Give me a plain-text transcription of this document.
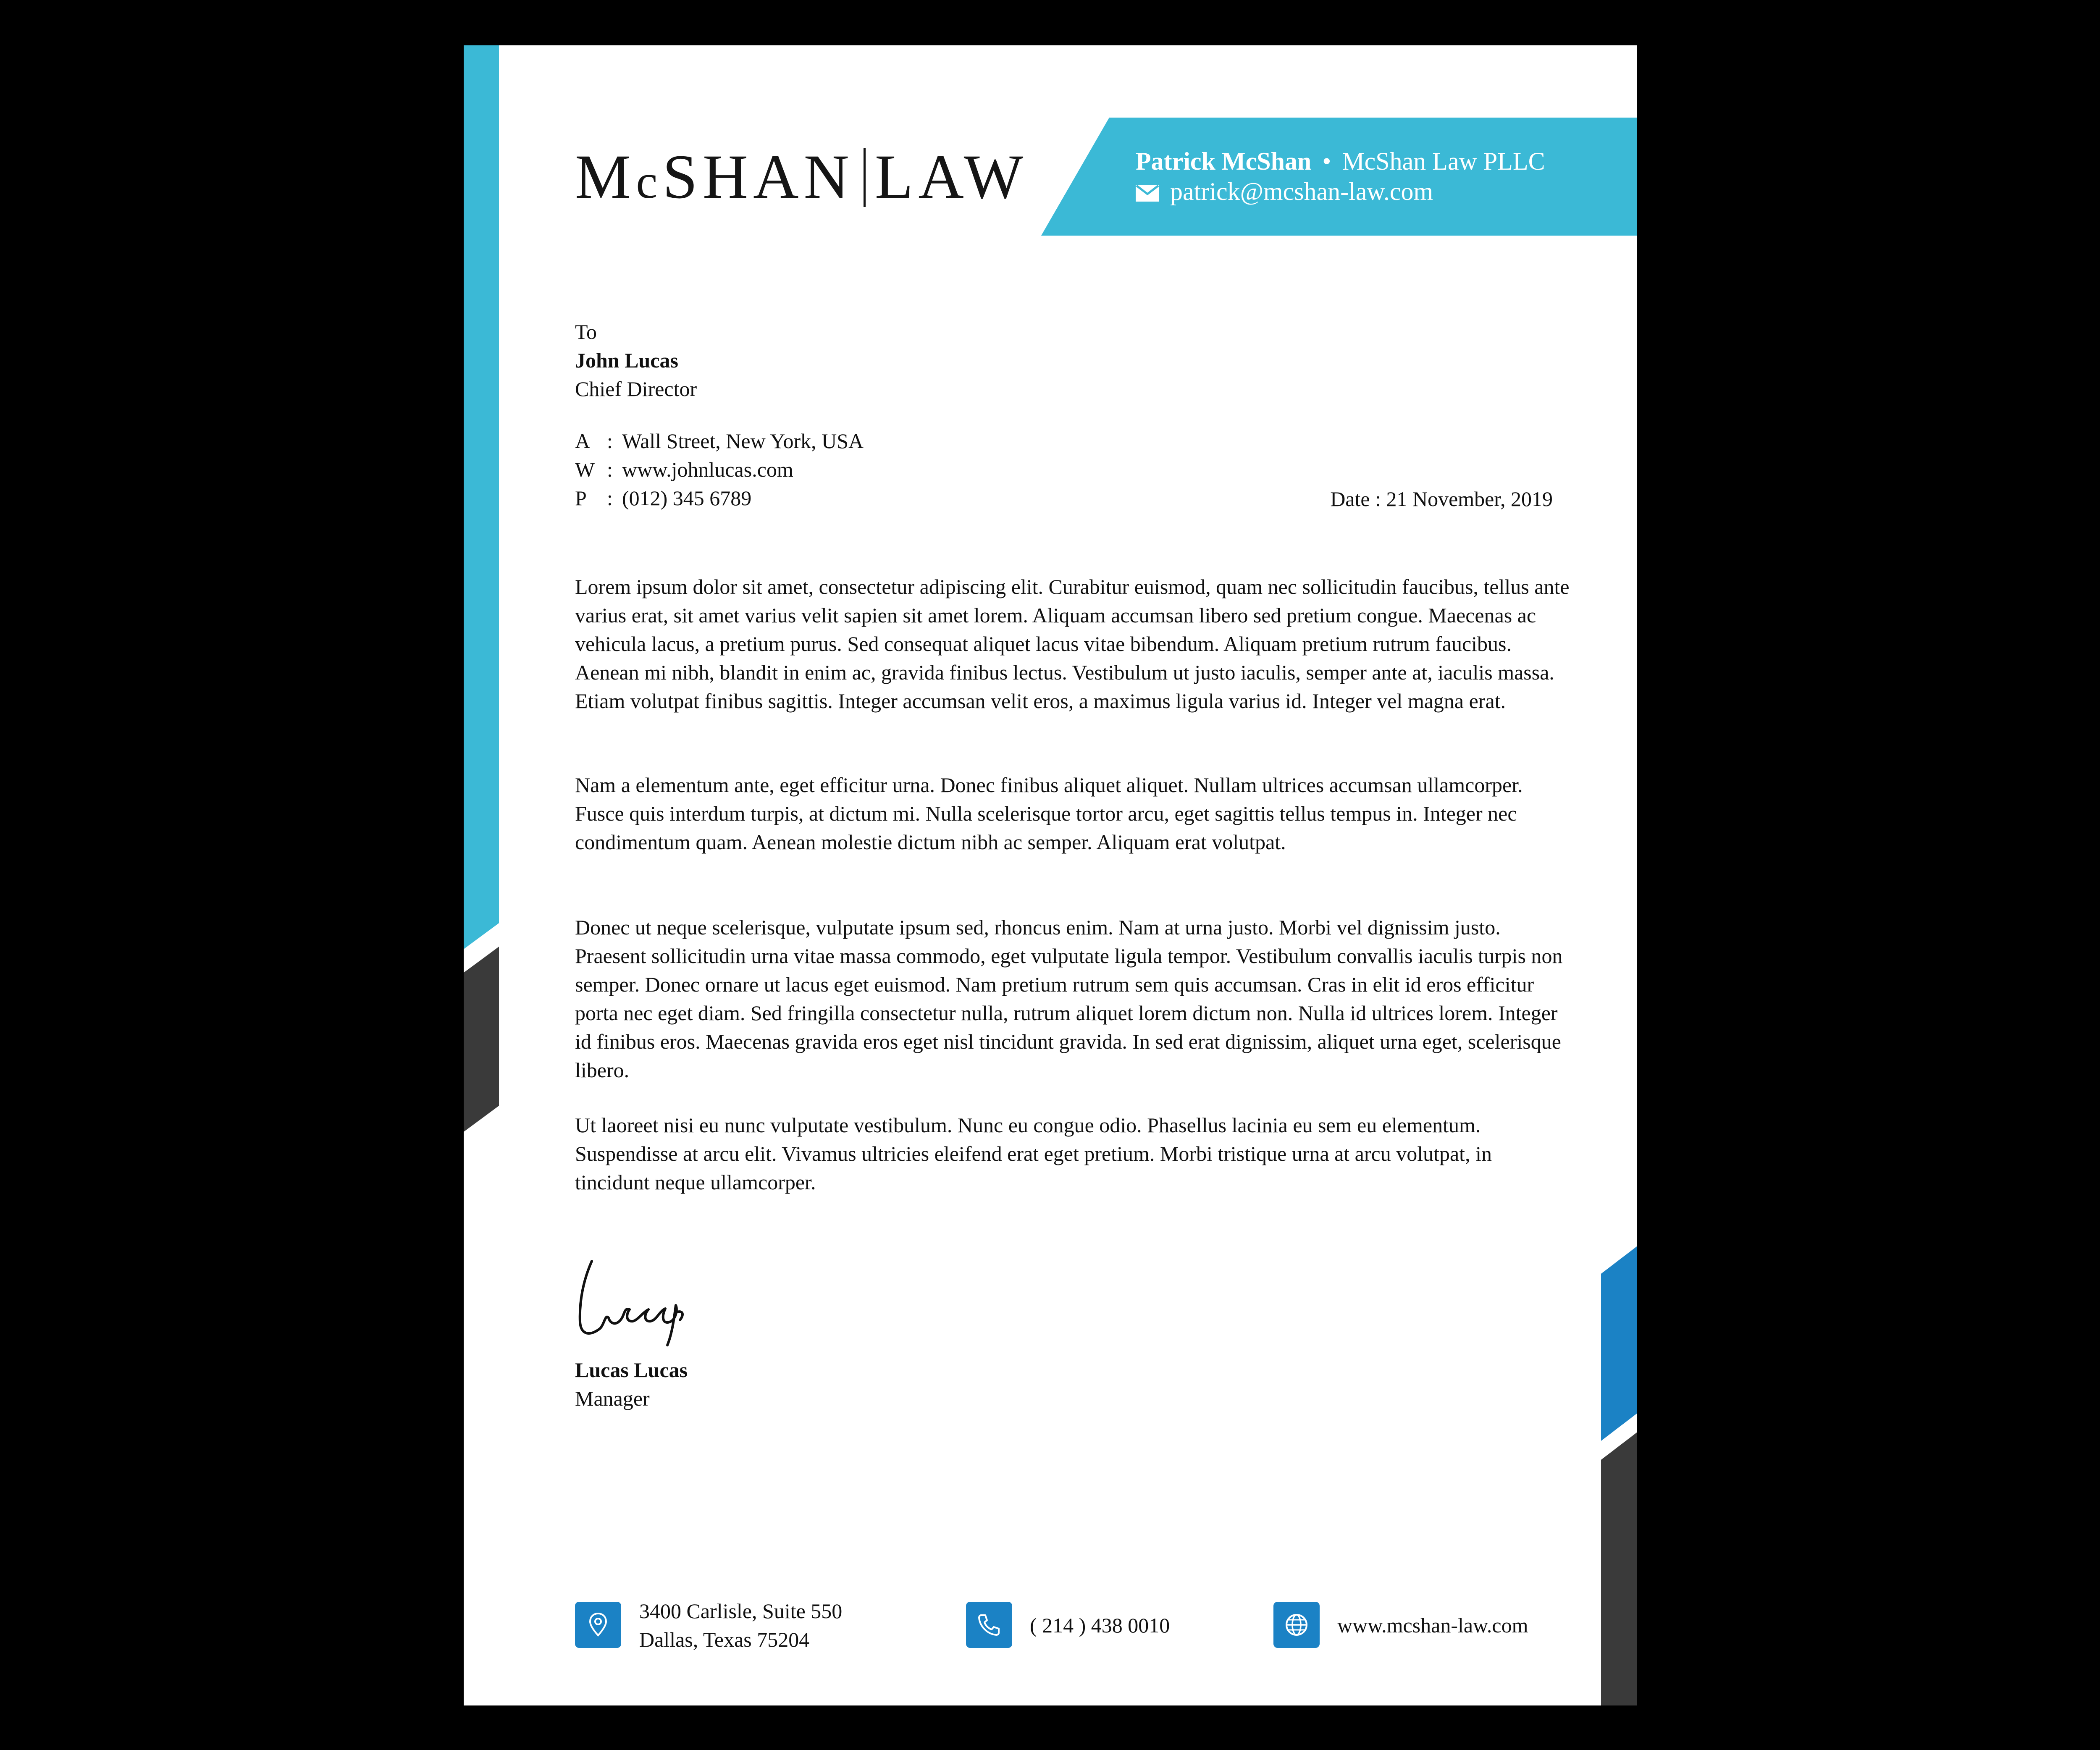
McSHAN LAW	Patrick McShan • McShan Law PLLC
patrick@mcshan-law.com
To
John Lucas
Chief Director
A : Wall Street, New York, USA
W : www.johnlucas.com
P : (012) 345 6789	Date : 21 November, 2019
Lorem ipsum dolor sit amet, consectetur adipiscing elit. Curabitur euismod, quam nec sollicitudin faucibus, tellus ante varius erat, sit amet varius velit sapien sit amet lorem. Aliquam accumsan libero sed pretium congue. Maecenas ac vehicula lacus, a pretium purus. Sed consequat aliquet lacus vitae bibendum. Aliquam pretium rutrum faucibus. Aenean mi nibh, blandit in enim ac, gravida finibus lectus. Vestibulum ut justo iaculis, semper ante at, iaculis massa. Etiam volutpat finibus sagittis. Integer accumsan velit eros, a maximus ligula varius id. Integer vel magna erat.
Nam a elementum ante, eget efficitur urna. Donec finibus aliquet aliquet. Nullam ultrices accumsan ullamcorper. Fusce quis interdum turpis, at dictum mi. Nulla scelerisque tortor arcu, eget sagittis tellus tempus in. Integer nec condimentum quam. Aenean molestie dictum nibh ac semper. Aliquam erat volutpat.
Donec ut neque scelerisque, vulputate ipsum sed, rhoncus enim. Nam at urna justo. Morbi vel dignissim justo. Praesent sollicitudin urna vitae massa commodo, eget vulputate ligula tempor. Vestibulum convallis iaculis turpis non semper. Donec ornare ut lacus eget euismod. Nam pretium rutrum sem quis accumsan. Cras in elit id eros efficitur porta nec eget diam. Sed fringilla consectetur nulla, rutrum aliquet lorem dictum non. Nulla id ultrices lorem. Integer id finibus eros. Maecenas gravida eros eget nisl tincidunt gravida. In sed erat dignissim, aliquet urna eget, scelerisque libero.
Ut laoreet nisi eu nunc vulputate vestibulum. Nunc eu congue odio. Phasellus lacinia eu sem eu elementum. Suspendisse at arcu elit. Vivamus ultricies eleifend erat eget pretium. Morbi tristique urna at arcu volutpat, in tincidunt neque ullamcorper.
Lucas Lucas
Manager
3400 Carlisle, Suite 550
Dallas, Texas 75204
( 214 ) 438 0010	www.mcshan-law.com
